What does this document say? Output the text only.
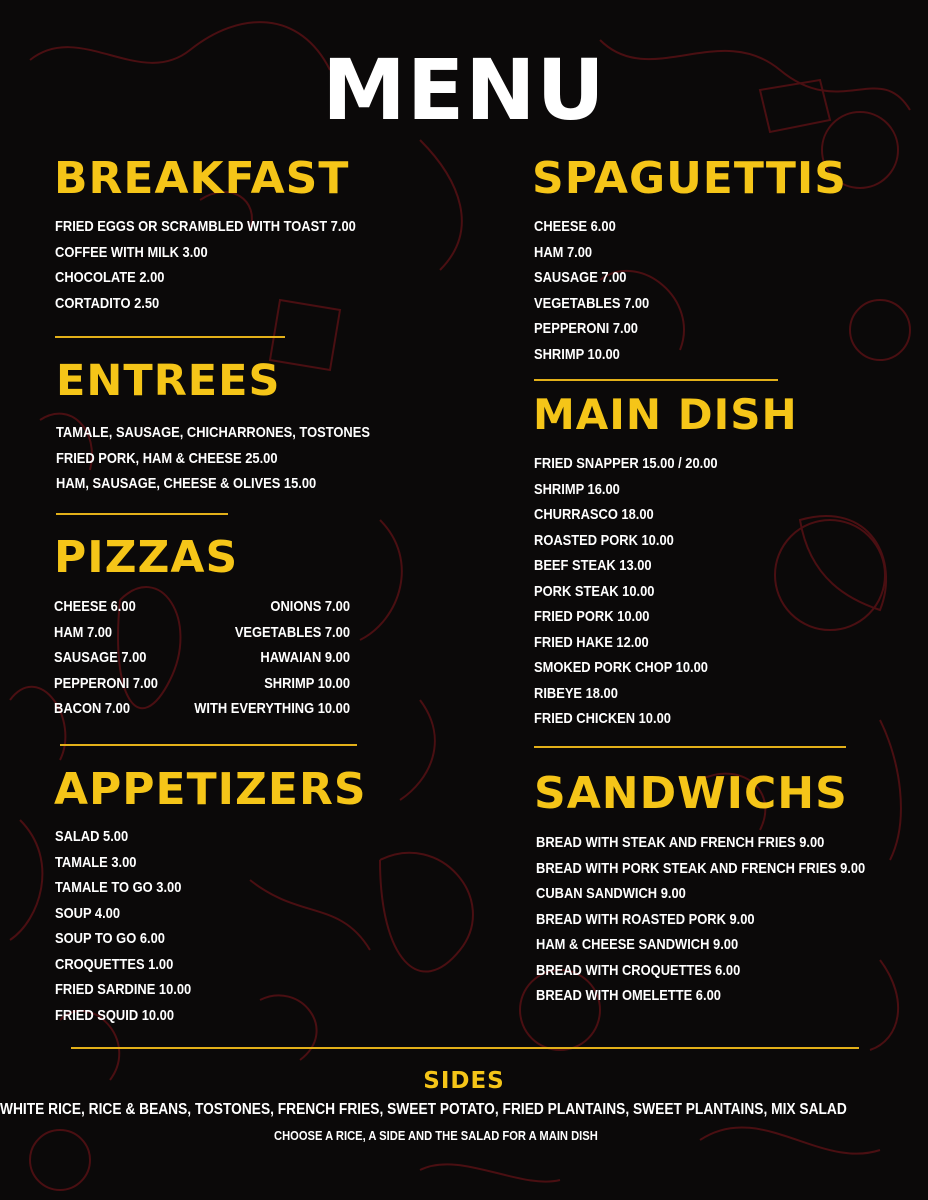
MENU
BREAKFAST
FRIED EGGS OR SCRAMBLED WITH TOAST 7.00
COFFEE WITH MILK 3.00
CHOCOLATE 2.00
CORTADITO 2.50
ENTREES
TAMALE, SAUSAGE, CHICHARRONES, TOSTONES
FRIED PORK, HAM & CHEESE 25.00
HAM, SAUSAGE, CHEESE & OLIVES 15.00
PIZZAS
CHEESE 6.00
HAM 7.00
SAUSAGE 7.00
PEPPERONI 7.00
BACON 7.00
ONIONS 7.00
VEGETABLES 7.00
HAWAIAN 9.00
SHRIMP 10.00
WITH EVERYTHING 10.00
APPETIZERS
SALAD 5.00
TAMALE 3.00
TAMALE TO GO 3.00
SOUP 4.00
SOUP TO GO 6.00
CROQUETTES 1.00
FRIED SARDINE 10.00
FRIED SQUID 10.00
SPAGUETTIS
CHEESE 6.00
HAM 7.00
SAUSAGE 7.00
VEGETABLES 7.00
PEPPERONI 7.00
SHRIMP 10.00
MAIN DISH
FRIED SNAPPER 15.00 / 20.00
SHRIMP 16.00
CHURRASCO 18.00
ROASTED PORK 10.00
BEEF STEAK 13.00
PORK STEAK 10.00
FRIED PORK 10.00
FRIED HAKE 12.00
SMOKED PORK CHOP 10.00
RIBEYE 18.00
FRIED CHICKEN 10.00
SANDWICHS
BREAD WITH STEAK AND FRENCH FRIES 9.00
BREAD WITH PORK STEAK AND FRENCH FRIES 9.00
CUBAN SANDWICH 9.00
BREAD WITH ROASTED PORK 9.00
HAM & CHEESE SANDWICH 9.00
BREAD WITH CROQUETTES 6.00
BREAD WITH OMELETTE 6.00
SIDES
WHITE RICE, RICE & BEANS, TOSTONES, FRENCH FRIES, SWEET POTATO, FRIED PLANTAINS, SWEET PLANTAINS, MIX SALAD
CHOOSE A RICE, A SIDE AND THE SALAD FOR A MAIN DISH
